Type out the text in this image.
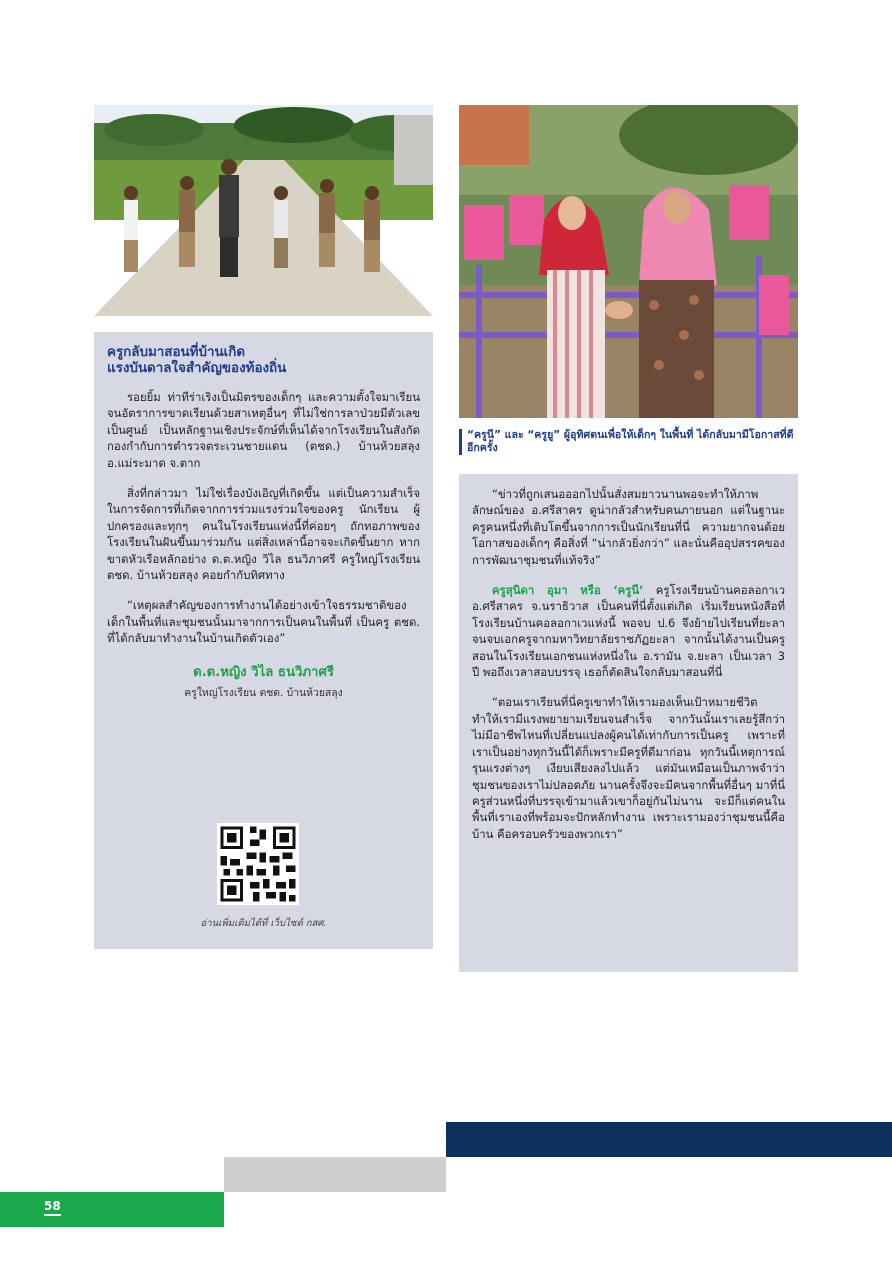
“ครูนี” และ “ครูยู” ผู้อุทิศตนเพื่อให้เด็กๆ ในพื้นที่ ได้กลับมามีโอกาสที่ดีอีกครั้ง
ครูกลับมาสอนที่บ้านเกิด
แรงบันดาลใจสำคัญของท้องถิ่น

รอยยิ้ม ท่าทีร่าเริงเป็นมิตรของเด็กๆ และความตั้งใจมาเรียนจนอัตราการขาดเรียนด้วยสาเหตุอื่นๆ ที่ไม่ใช่การลาป่วยมีตัวเลขเป็นศูนย์ เป็นหลักฐานเชิงประจักษ์ที่เห็นได้จากโรงเรียนในสังกัดกองกำกับการตำรวจตระเวนชายแดน (ตชด.) บ้านห้วยสลุง อ.แม่ระมาด จ.ตาก

สิ่งที่กล่าวมา ไม่ใช่เรื่องบังเอิญที่เกิดขึ้น แต่เป็นความสำเร็จในการจัดการที่เกิดจากการร่วมแรงร่วมใจของครู นักเรียน ผู้ปกครองและทุกๆ คนในโรงเรียนแห่งนี้ที่ค่อยๆ ถักทอภาพของโรงเรียนในฝันขึ้นมาร่วมกัน แต่สิ่งเหล่านี้อาจจะเกิดขึ้นยาก หากขาดหัวเรือหลักอย่าง ด.ต.หญิง วิไล ธนวิภาศรี ครูใหญ่โรงเรียน ตชด. บ้านห้วยสลุง คอยกำกับทิศทาง

“เหตุผลสำคัญของการทำงานได้อย่างเข้าใจธรรมชาติของเด็กในพื้นที่และชุมชนนั้นมาจากการเป็นคนในพื้นที่ เป็นครู ตชด. ที่ได้กลับมาทำงานในบ้านเกิดตัวเอง”

ด.ต.หญิง วิไล ธนวิภาศรี
ครูใหญ่โรงเรียน ตชด. บ้านห้วยสลุง
อ่านเพิ่มเติมได้ที่ เว็บไซต์ กสศ.

“ข่าวที่ถูกเสนอออกไปนั้นสั่งสมยาวนานพอจะทำให้ภาพลักษณ์ของ อ.ศรีสาคร ดูน่ากลัวสำหรับคนภายนอก แต่ในฐานะครูคนหนึ่งที่เติบโตขึ้นจากการเป็นนักเรียนที่นี่ ความยากจนด้อยโอกาสของเด็กๆ คือสิ่งที่ “น่ากลัวยิ่งกว่า” และนั่นคืออุปสรรคของการพัฒนาชุมชนที่แท้จริง”

ครูสุนิดา อุมา หรือ ‘ครูนี’ ครูโรงเรียนบ้านคอลอกาเว อ.ศรีสาคร จ.นราธิวาส เป็นคนที่นี่ตั้งแต่เกิด เริ่มเรียนหนังสือที่โรงเรียนบ้านคอลอกาเวแห่งนี้ พอจบ ป.6 จึงย้ายไปเรียนที่ยะลาจนจบเอกครูจากมหาวิทยาลัยราชภัฏยะลา จากนั้นได้งานเป็นครูสอนในโรงเรียนเอกชนแห่งหนึ่งใน อ.รามัน จ.ยะลา เป็นเวลา 3 ปี พอถึงเวลาสอบบรรจุ เธอก็ตัดสินใจกลับมาสอนที่นี่

“ตอนเราเรียนที่นี่ครูเขาทำให้เรามองเห็นเป้าหมายชีวิต ทำให้เรามีแรงพยายามเรียนจนสำเร็จ จากวันนั้นเราเลยรู้สึกว่าไม่มีอาชีพไหนที่เปลี่ยนแปลงผู้คนได้เท่ากับการเป็นครู เพราะที่เราเป็นอย่างทุกวันนี้ได้ก็เพราะมีครูที่ดีมาก่อน ทุกวันนี้เหตุการณ์รุนแรงต่างๆ เงียบเสียงลงไปแล้ว แต่มันเหมือนเป็นภาพจำว่าชุมชนของเราไม่ปลอดภัย นานครั้งจึงจะมีคนจากพื้นที่อื่นๆ มาที่นี่ ครูส่วนหนึ่งที่บรรจุเข้ามาแล้วเขาก็อยู่กันไม่นาน จะมีก็แต่คนในพื้นที่เราเองที่พร้อมจะปักหลักทำงาน เพราะเรามองว่าชุมชนนี้คือบ้าน คือครอบครัวของพวกเรา”

58
